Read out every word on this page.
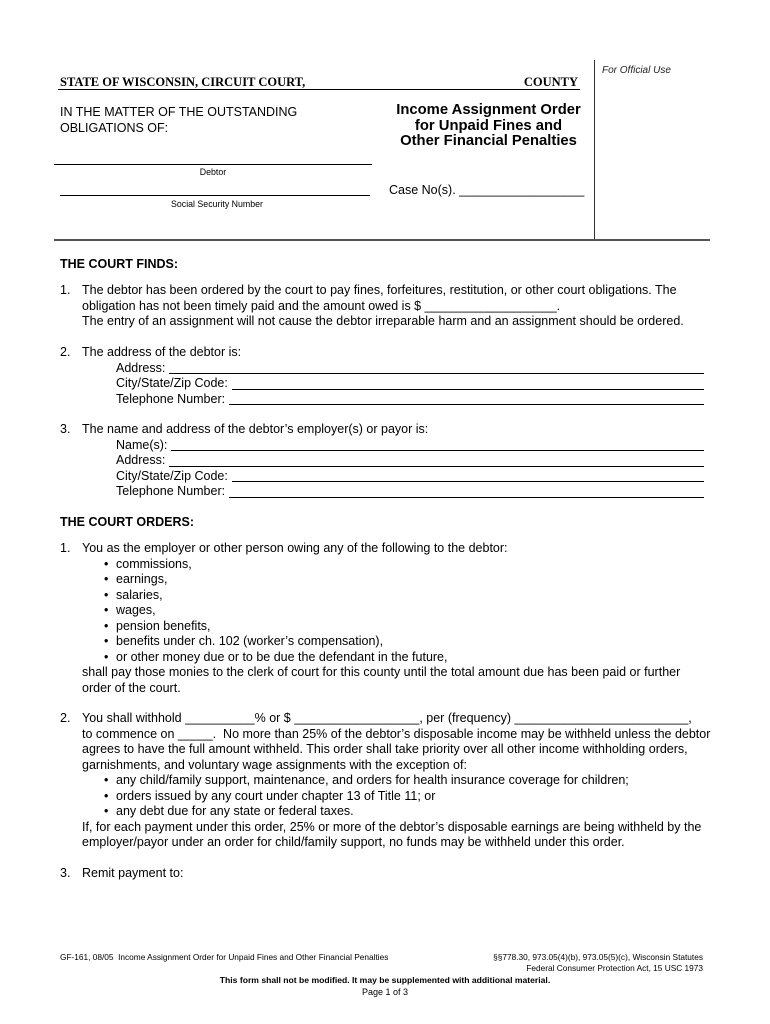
For Official Use
STATE OF WISCONSIN, CIRCUIT COURT,	COUNTY
IN THE MATTER OF THE OUTSTANDING
OBLIGATIONS OF:
Income Assignment Order
for Unpaid Fines and
Other Financial Penalties
Debtor
Social Security Number
Case No(s). __________________
THE COURT FINDS:
1. The debtor has been ordered by the court to pay fines, forfeitures, restitution, or other court obligations. The
obligation has not been timely paid and the amount owed is $ ___________________.
The entry of an assignment will not cause the debtor irreparable harm and an assignment should be ordered.
2. The address of the debtor is:
Address:
City/State/Zip Code:
Telephone Number:
3. The name and address of the debtor’s employer(s) or payor is:
Name(s):
Address:
City/State/Zip Code:
Telephone Number:
THE COURT ORDERS:
1. You as the employer or other person owing any of the following to the debtor:
•
commissions,
•
earnings,
•
salaries,
•
wages,
•
pension benefits,
•
benefits under ch. 102 (worker’s compensation),
•
or other money due or to be due the defendant in the future,
shall pay those monies to the clerk of court for this county until the total amount due has been paid or further
order of the court.
2. You shall withhold __________% or $ __________________, per (frequency) _________________________,
to commence on _____.  No more than 25% of the debtor’s disposable income may be withheld unless the debtor
agrees to have the full amount withheld. This order shall take priority over all other income withholding orders,
garnishments, and voluntary wage assignments with the exception of:
•
any child/family support, maintenance, and orders for health insurance coverage for children;
•
orders issued by any court under chapter 13 of Title 11; or
•
any debt due for any state or federal taxes.
If, for each payment under this order, 25% or more of the debtor’s disposable earnings are being withheld by the
employer/payor under an order for child/family support, no funds may be withheld under this order.
3. Remit payment to:
GF-161, 08/05  Income Assignment Order for Unpaid Fines and Other Financial Penalties	§§778.30, 973.05(4)(b), 973.05(5)(c), Wisconsin Statutes
Federal Consumer Protection Act, 15 USC 1973
This form shall not be modified. It may be supplemented with additional material.
Page 1 of 3
